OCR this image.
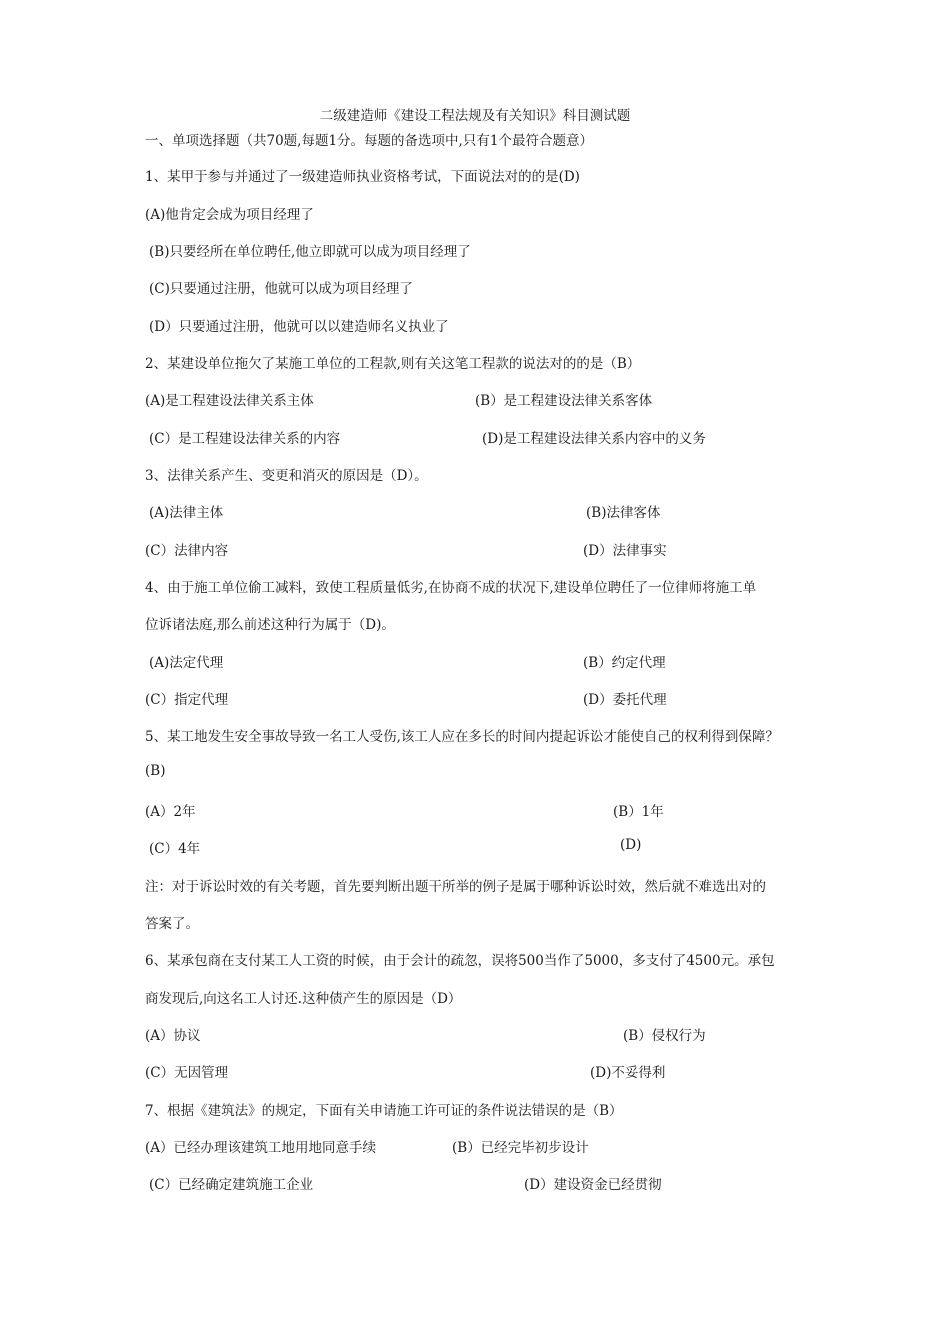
二级建造师《建设工程法规及有关知识》科目测试题
一、单项选择题（共70题,每题1分。每题的备选项中,只有1个最符合题意）
1、某甲于参与并通过了一级建造师执业资格考试，下面说法对的的是(D)
(A)他肯定会成为项目经理了
(B)只要经所在单位聘任,他立即就可以成为项目经理了
(C)只要通过注册，他就可以成为项目经理了
(D）只要通过注册，他就可以以建造师名义执业了
2、某建设单位拖欠了某施工单位的工程款,则有关这笔工程款的说法对的的是（B）
(A)是工程建设法律关系主体	(B）是工程建设法律关系客体
(C）是工程建设法律关系的内容	(D)是工程建设法律关系内容中的义务
3、法律关系产生、变更和消灭的原因是（D）。
(A)法律主体	(B)法律客体
(C）法律内容	(D）法律事实
4、由于施工单位偷工减料，致使工程质量低劣,在协商不成的状况下,建设单位聘任了一位律师将施工单
位诉诸法庭,那么前述这种行为属于（D)。
(A)法定代理	(B）约定代理
(C）指定代理	(D）委托代理
5、某工地发生安全事故导致一名工人受伤,该工人应在多长的时间内提起诉讼才能使自己的权利得到保障？
(B)
(A）2年	(B）1年
(C）4年	(D)
注：对于诉讼时效的有关考题，首先要判断出题干所举的例子是属于哪种诉讼时效，然后就不难选出对的
答案了。
6、某承包商在支付某工人工资的时候，由于会计的疏忽，误将500当作了5000，多支付了4500元。承包
商发现后,向这名工人讨还.这种债产生的原因是（D）
(A）协议	(B）侵权行为
(C）无因管理	(D)不妥得利
7、根据《建筑法》的规定，下面有关申请施工许可证的条件说法错误的是（B）
(A）已经办理该建筑工地用地同意手续	(B）已经完毕初步设计
(C）已经确定建筑施工企业	(D）建设资金已经贯彻
